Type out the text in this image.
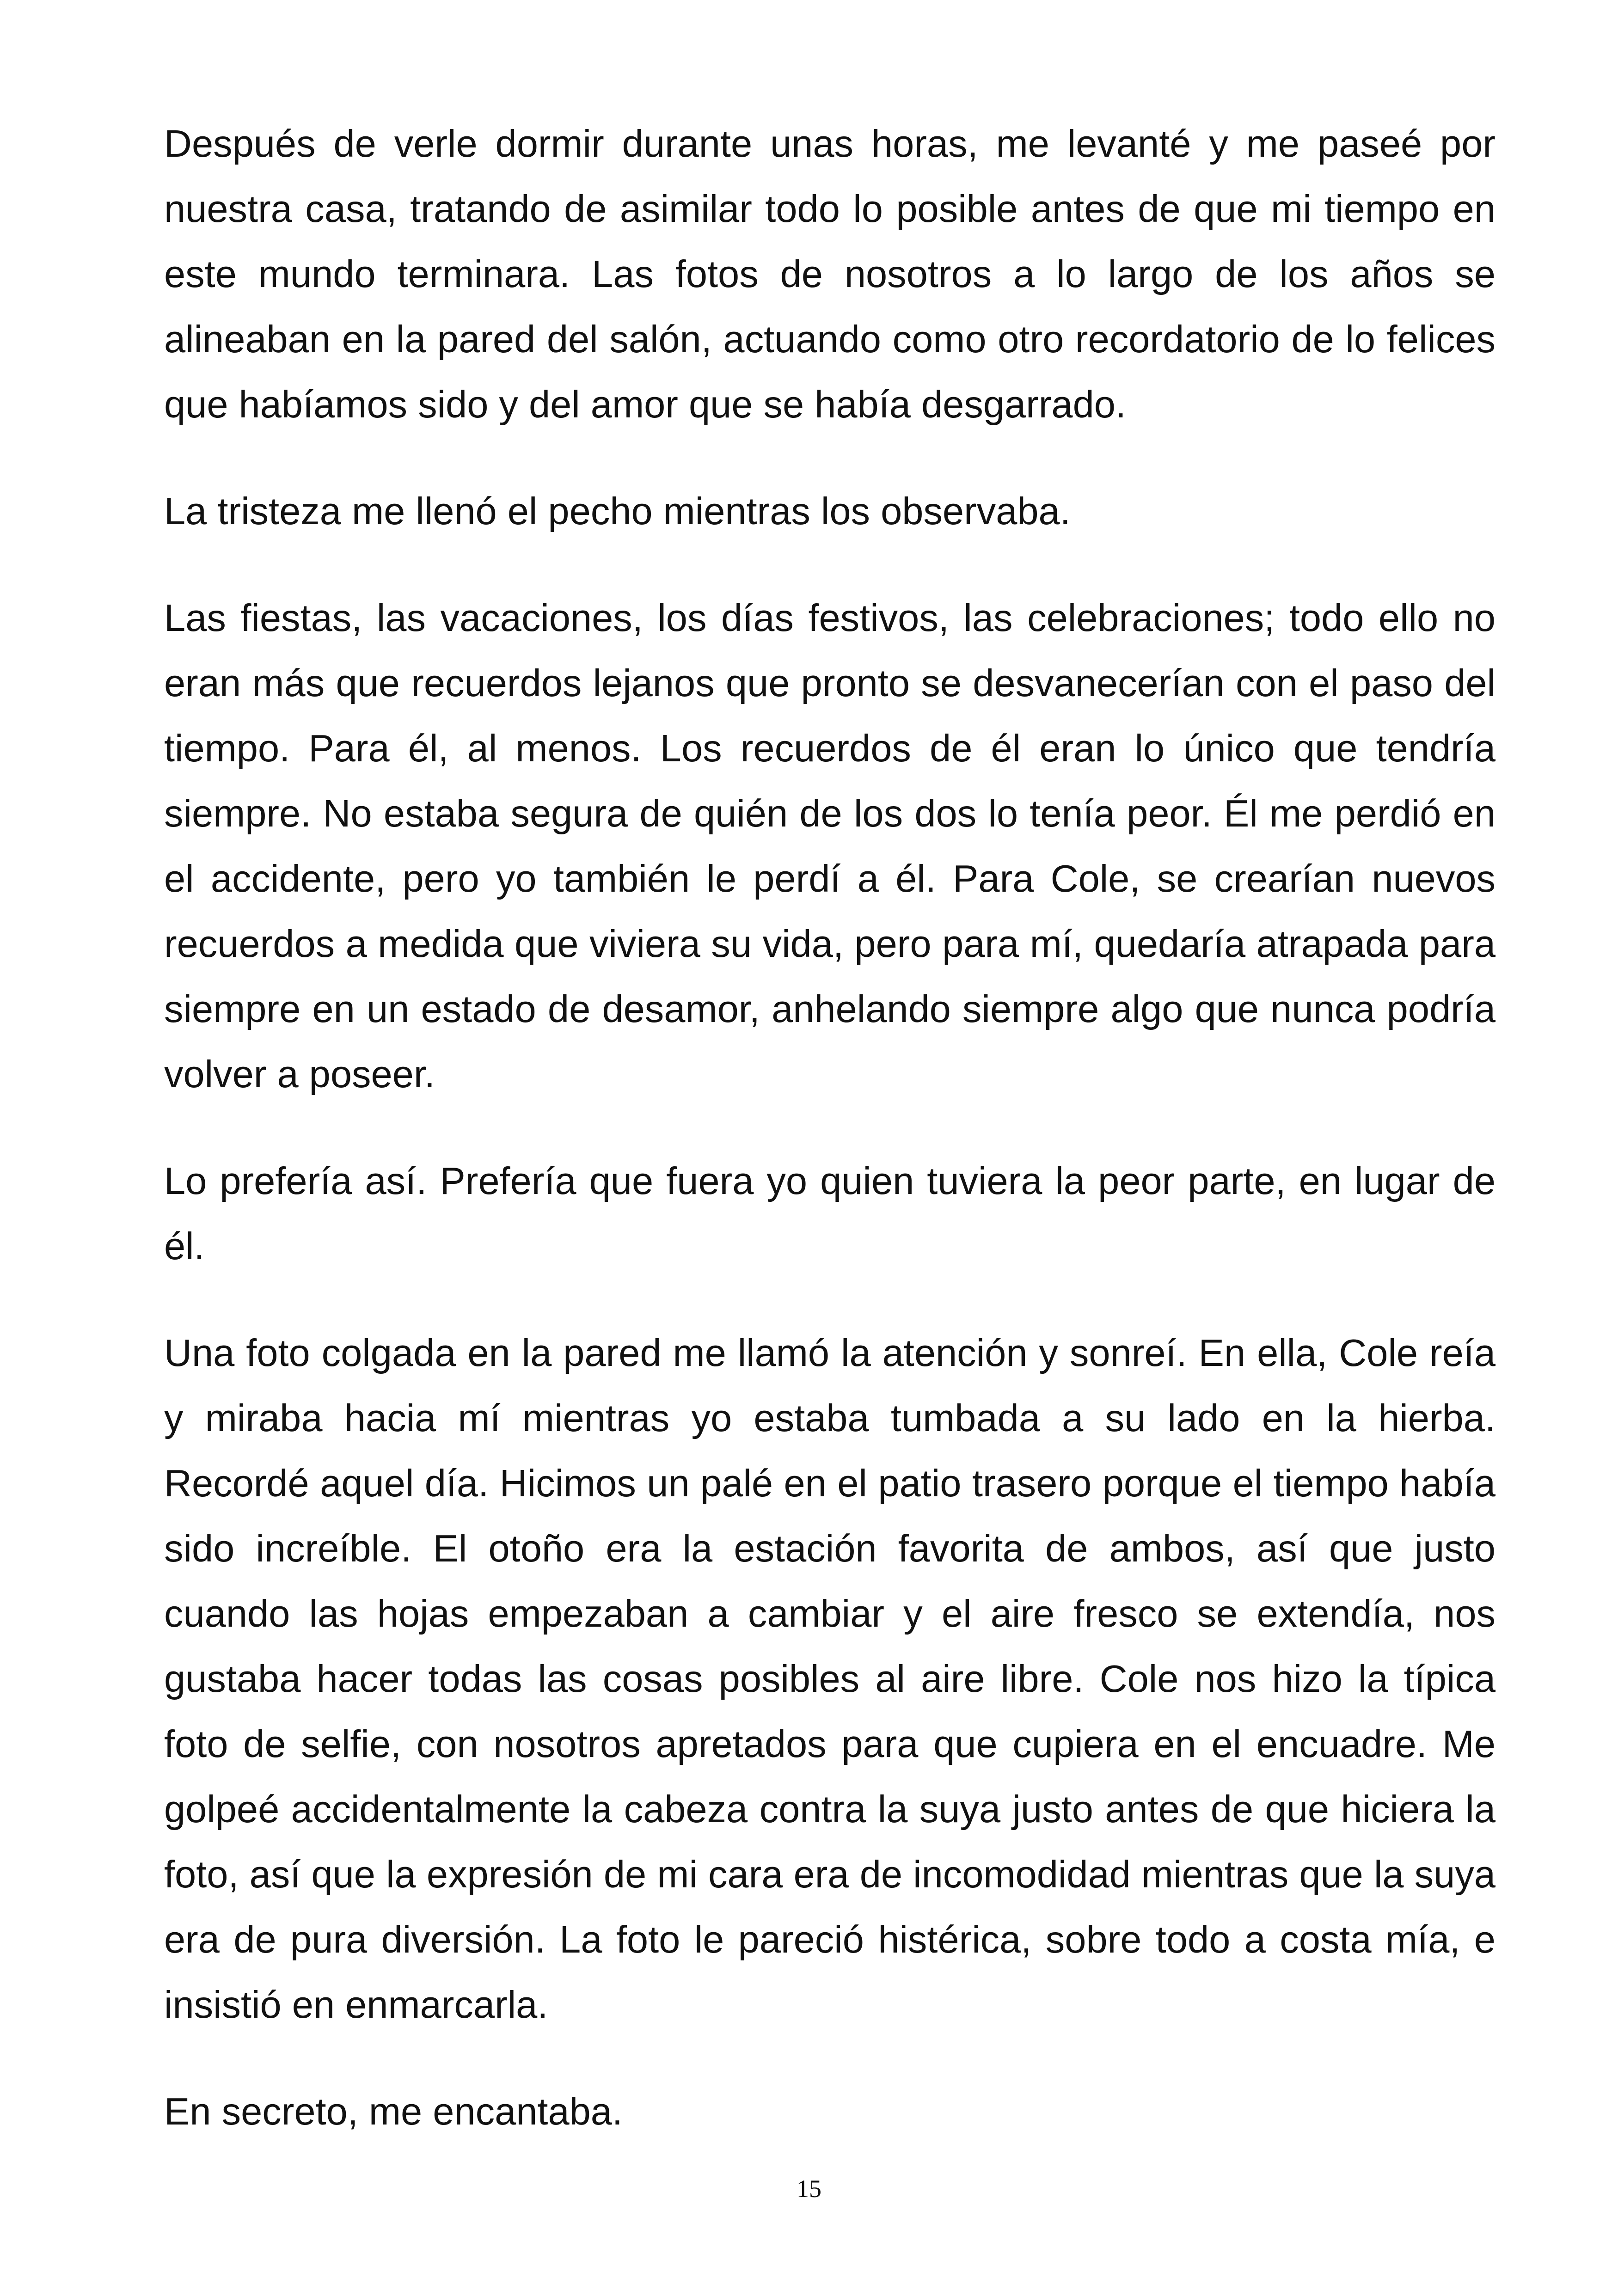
Después de verle dormir durante unas horas, me levanté y me paseé por nuestra casa, tratando de asimilar todo lo posible antes de que mi tiempo en este mundo terminara. Las fotos de nosotros a lo largo de los años se alineaban en la pared del salón, actuando como otro recordatorio de lo felices que habíamos sido y del amor que se había desgarrado.

La tristeza me llenó el pecho mientras los observaba.

Las fiestas, las vacaciones, los días festivos, las celebraciones; todo ello no eran más que recuerdos lejanos que pronto se desvanecerían con el paso del tiempo. Para él, al menos. Los recuerdos de él eran lo único que tendría siempre. No estaba segura de quién de los dos lo tenía peor. Él me perdió en el accidente, pero yo también le perdí a él. Para Cole, se crearían nuevos recuerdos a medida que viviera su vida, pero para mí, quedaría atrapada para siempre en un estado de desamor, anhelando siempre algo que nunca podría volver a poseer.

Lo prefería así. Prefería que fuera yo quien tuviera la peor parte, en lugar de él.

Una foto colgada en la pared me llamó la atención y sonreí. En ella, Cole reía y miraba hacia mí mientras yo estaba tumbada a su lado en la hierba. Recordé aquel día. Hicimos un palé en el patio trasero porque el tiempo había sido increíble. El otoño era la estación favorita de ambos, así que justo cuando las hojas empezaban a cambiar y el aire fresco se extendía, nos gustaba hacer todas las cosas posibles al aire libre. Cole nos hizo la típica foto de selfie, con nosotros apretados para que cupiera en el encuadre. Me golpeé accidentalmente la cabeza contra la suya justo antes de que hiciera la foto, así que la expresión de mi cara era de incomodidad mientras que la suya era de pura diversión. La foto le pareció histérica, sobre todo a costa mía, e insistió en enmarcarla.

En secreto, me encantaba.

15
